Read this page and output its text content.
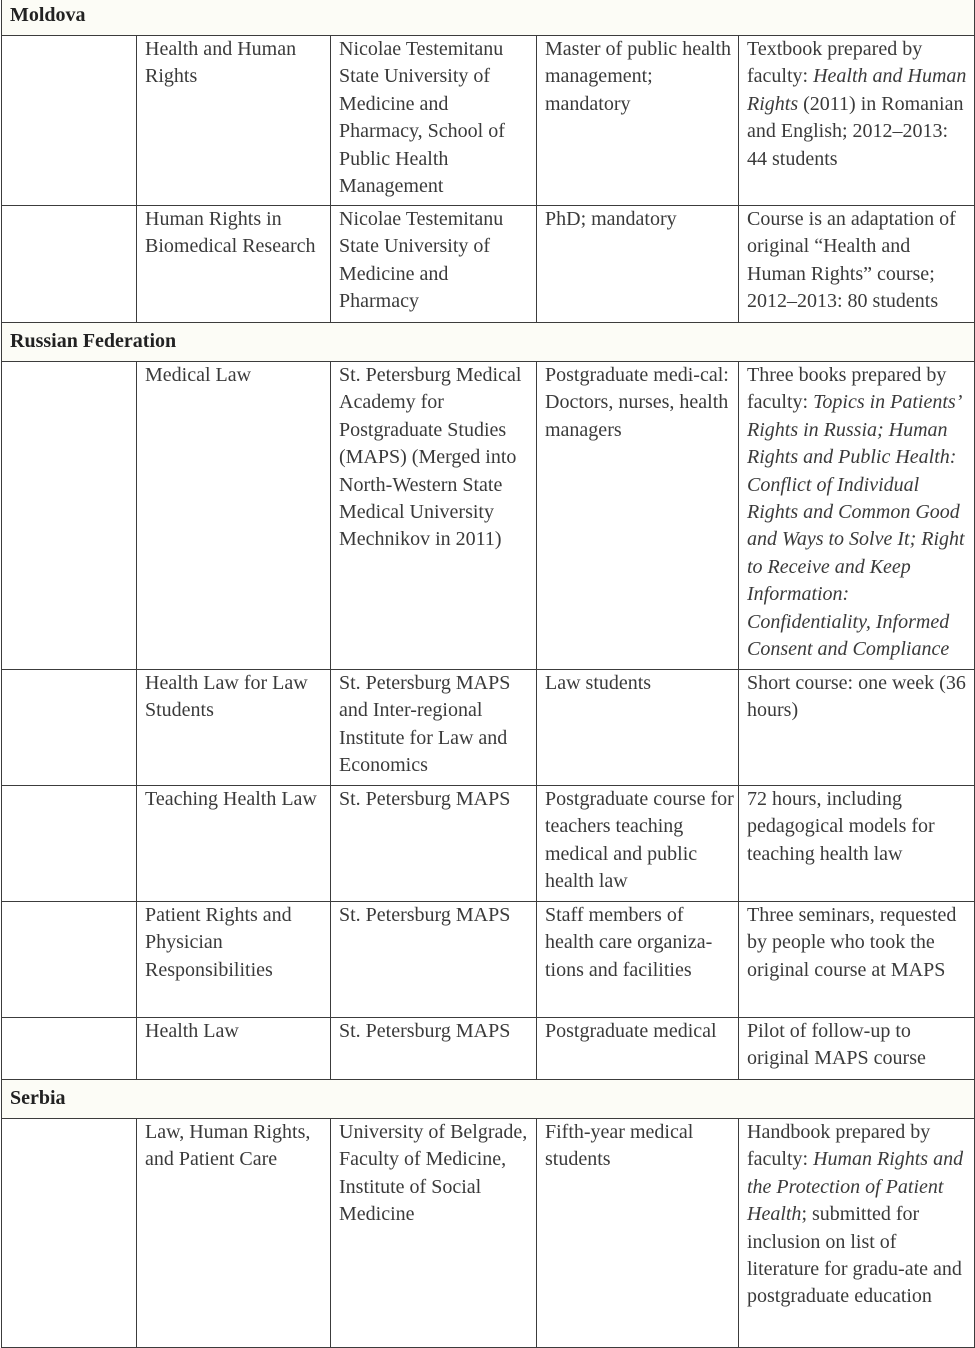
Moldova				
	Health and Human Rights	Nicolae Testemitanu State University of Medicine and Pharmacy, School of Public Health Management	Master of public health management; mandatory	Textbook prepared by faculty: Health and Human Rights (2011) in Romanian and English; 2012–2013: 44 students
	Human Rights in Biomedical Research	Nicolae Testemitanu State University of Medicine and Pharmacy	PhD; mandatory	Course is an adaptation of original “Health and Human Rights” course; 2012–2013: 80 students
Russian Federation				
	Medical Law	St. Petersburg Medical Academy for Postgraduate Studies (MAPS) (Merged into North-Western State Medical University Mechnikov in 2011)	Postgraduate medi-cal: Doctors, nurses, health managers	Three books prepared by faculty: Topics in Patients’ Rights in Russia; Human Rights and Public Health: Conflict of Individual Rights and Common Good and Ways to Solve It; Right to Receive and Keep Information: Confidentiality, Informed Consent and Compliance
	Health Law for Law Students	St. Petersburg MAPS and Inter-regional Institute for Law and Economics	Law students	Short course: one week (36 hours)
	Teaching Health Law	St. Petersburg MAPS	Postgraduate course for teachers teaching medical and public health law	72 hours, including pedagogical models for teaching health law
	Patient Rights and Physician Responsibilities	St. Petersburg MAPS	Staff members of health care organiza-tions and facilities	Three seminars, requested by people who took the original course at MAPS
	Health Law	St. Petersburg MAPS	Postgraduate medical	Pilot of follow-up to original MAPS course
Serbia				
	Law, Human Rights, and Patient Care	University of Belgrade, Faculty of Medicine, Institute of Social Medicine	Fifth-year medical students	Handbook prepared by faculty: Human Rights and the Protection of Patient Health; submitted for inclusion on list of literature for gradu-ate and postgraduate education
